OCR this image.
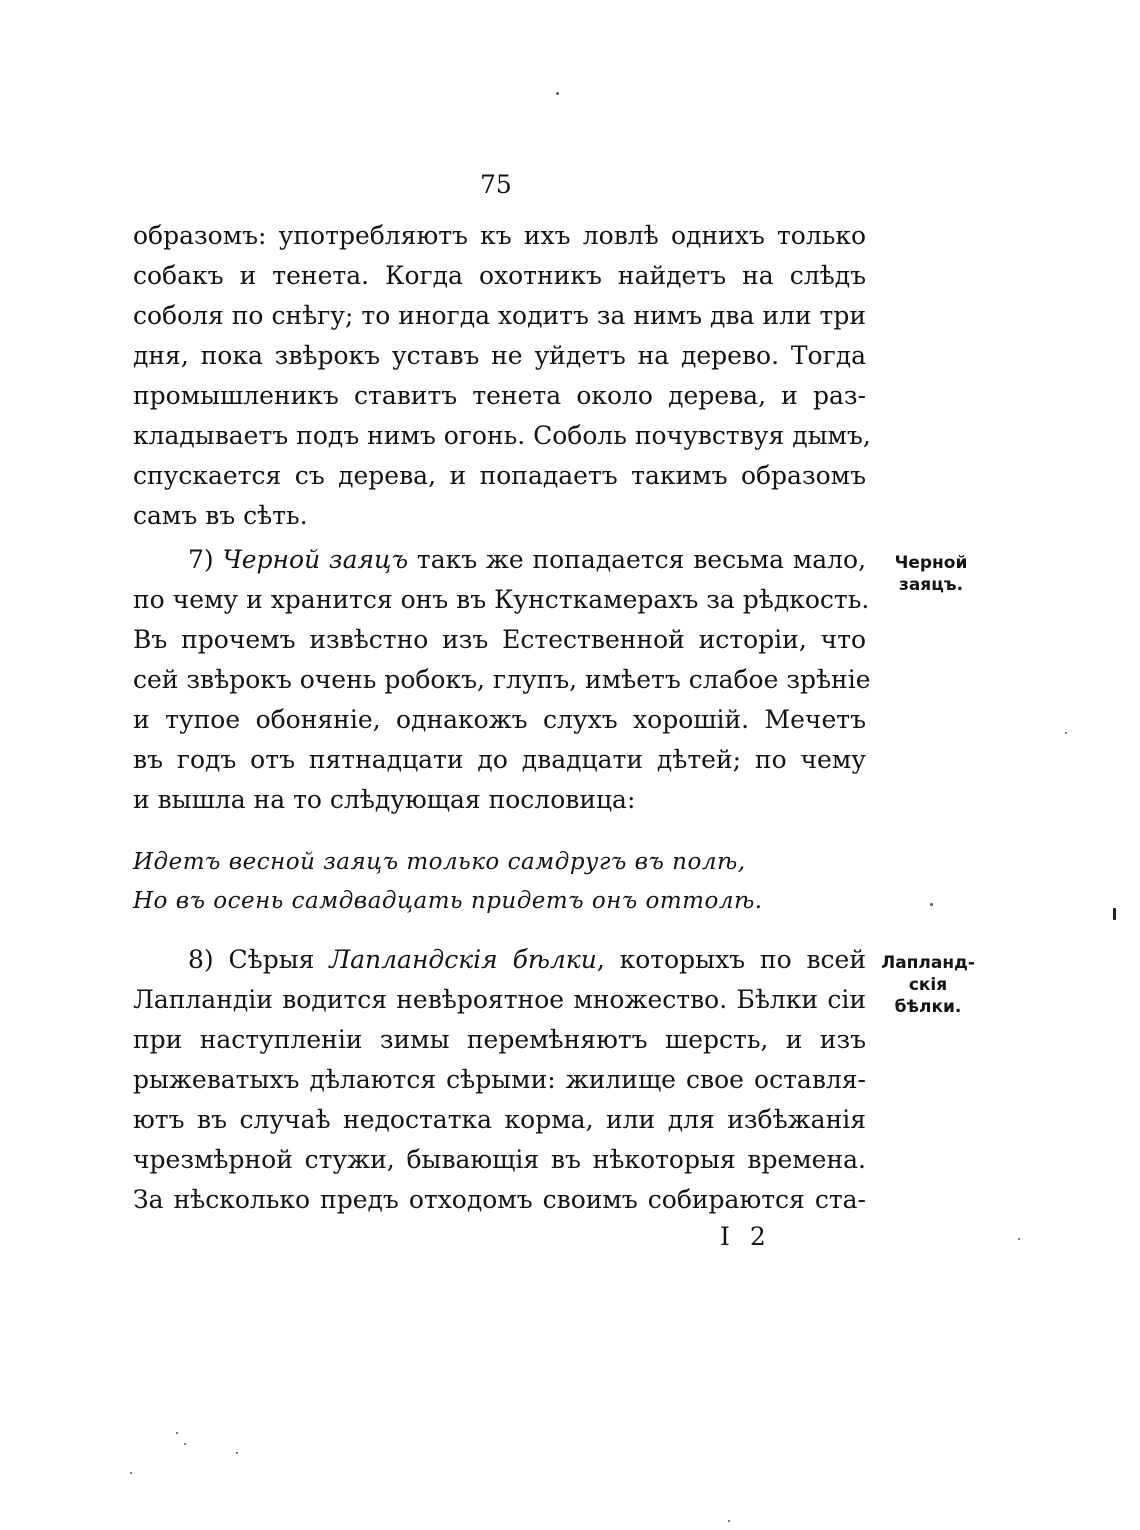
75
образомъ: употребляютъ къ ихъ ловлѣ однихъ только
собакъ и тенета. Когда охотникъ найдетъ на слѣдъ
соболя по снѣгу; то иногда ходитъ за нимъ два или три
дня, пока звѣрокъ уставъ не уйдетъ на дерево. Тогда
промышленикъ ставитъ тенета около дерева, и раз-
кладываетъ подъ нимъ огонь. Соболь почувствуя дымъ,
спускается съ дерева, и попадаетъ такимъ образомъ
самъ въ сѣть.
7) Черной заяцъ такъ же попадается весьма мало,
по чему и хранится онъ въ Кунсткамерахъ за рѣдкость.
Въ прочемъ извѣстно изъ Естественной исторіи, что
сей звѣрокъ очень робокъ, глупъ, имѣетъ слабое зрѣніе
и тупое обоняніе, однакожъ слухъ хорошій. Мечетъ
въ годъ отъ пятнадцати до двадцати дѣтей; по чему
и вышла на то слѣдующая пословица:
Черной
заяцъ.
Идетъ весной заяцъ только самдругъ въ полѣ,
Но въ осень самдвадцать придетъ онъ оттолѣ.
8) Сѣрыя Лапландскія бѣлки, которыхъ по всей
Лапландіи водится невѣроятное множество. Бѣлки сіи
при наступленіи зимы перемѣняютъ шерсть, и изъ
рыжеватыхъ дѣлаются сѣрыми: жилище свое оставля-
ютъ въ случаѣ недостатка корма, или для избѣжанія
чрезмѣрной стужи, бывающія въ нѣкоторыя времена.
За нѣсколько предъ отходомъ своимъ собираются ста-
Лапланд-
скія
бѣлки.
I 2
